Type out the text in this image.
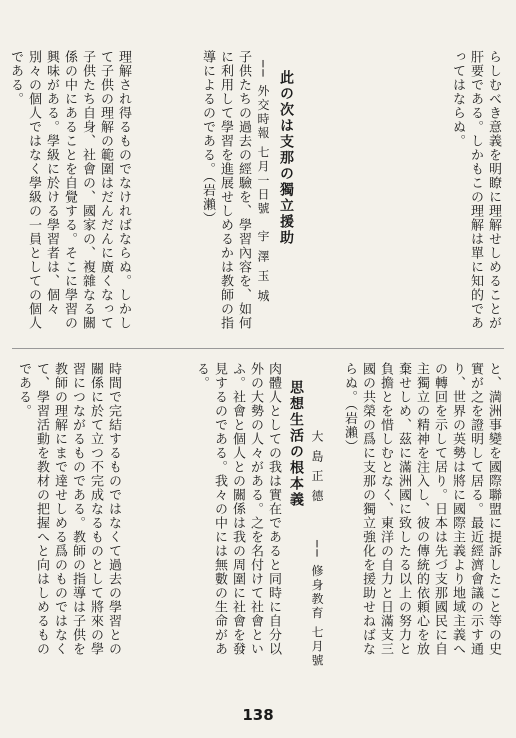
らしむべき意義を明瞭に理解せしめることが肝要である。しかもこの理解は單に知的であってはならぬ。
此の次は支那の獨立援助
── 外交時報 七月一日號
宇 澤 玉 城
子供たちの過去の經驗を、學習內容を、如何に利用して學習を進展せしめるかは教師の指導によるのである。（岩瀨）
理解され得るものでなければならぬ。しかして子供の理解の範圍はだんだんに廣くなって子供たち自身、社會の、國家の、複雜なる關係の中にあることを自覺する。そこに學習の興味がある。學級に於ける學習者は、個々別々の個人ではなく學級の一員としての個人である。
と、満洲事變を國際聯盟に提訴したこと等の史實が之を證明して居る。最近經濟會議の示す通り、世界の英勢は將に國際主義より地域主義への轉回を示して居り。日本は先づ支那國民に自主獨立の精神を注入し、彼の傳統的依頼心を放棄せしめ、茲に滿洲國に致したる以上の努力と負擔とを惜しむとなく、東洋の自力と日滿支三國の共榮の爲に支那の獨立強化を援助せねばならぬ。（岩瀨）
思想生活の根本義 大 島 正 德
── 修身教育 七月號
肉體人としての我は實在であると同時に自分以外の大勢の人々がある。之を名付けて社會といふ。社會と個人との關係は我の周圍に社會を發見するのである。我々の中には無數の生命がある。
時間で完結するものではなくて過去の學習との關係に於て立つ不完成なるものとして將來の學習につながるものである。教師の指導は子供を教師の理解にまで達せしめる爲のものではなくて、學習活動を教材の把握へと向はしめるものである。
138
